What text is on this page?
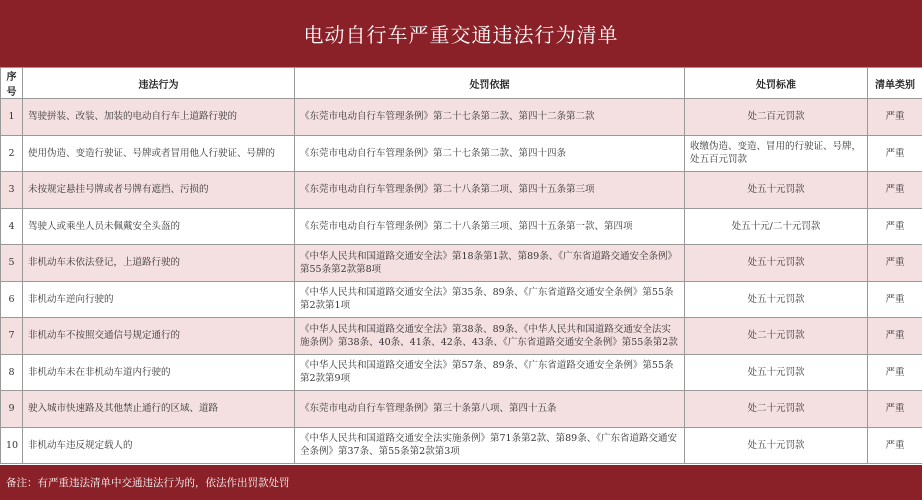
电动自行车严重交通违法行为清单
序号	违法行为	处罚依据	处罚标准	清单类别
1	驾驶拼装、改装、加装的电动自行车上道路行驶的	《东莞市电动自行车管理条例》第二十七条第二款、第四十二条第二款	处二百元罚款	严重
2	使用伪造、变造行驶证、号牌或者冒用他人行驶证、号牌的	《东莞市电动自行车管理条例》第二十七条第二款、第四十四条	收缴伪造、变造、冒用的行驶证、号牌，处五百元罚款	严重
3	未按规定悬挂号牌或者号牌有遮挡、污损的	《东莞市电动自行车管理条例》第二十八条第二项、第四十五条第三项	处五十元罚款	严重
4	驾驶人或乘坐人员未佩戴安全头盔的	《东莞市电动自行车管理条例》第二十八条第三项、第四十五条第一款、第四项	处五十元/二十元罚款	严重
5	非机动车未依法登记，上道路行驶的	《中华人民共和国道路交通安全法》第18条第1款、第89条、《广东省道路交通安全条例》第55条第2款第8项	处五十元罚款	严重
6	非机动车逆向行驶的	《中华人民共和国道路交通安全法》第35条、89条、《广东省道路交通安全条例》第55条第2款第1项	处五十元罚款	严重
7	非机动车不按照交通信号规定通行的	《中华人民共和国道路交通安全法》第38条、89条、《中华人民共和国道路交通安全法实施条例》第38条、40条、41条、42条、43条、《广东省道路交通安全条例》第55条第2款	处二十元罚款	严重
8	非机动车未在非机动车道内行驶的	《中华人民共和国道路交通安全法》第57条、89条、《广东省道路交通安全条例》第55条第2款第9项	处五十元罚款	严重
9	驶入城市快速路及其他禁止通行的区域、道路	《东莞市电动自行车管理条例》第三十条第八项、第四十五条	处二十元罚款	严重
10	非机动车违反规定载人的	《中华人民共和国道路交通安全法实施条例》第71条第2款、第89条、《广东省道路交通安全条例》第37条、第55条第2款第3项	处五十元罚款	严重
备注：有严重违法清单中交通违法行为的，依法作出罚款处罚
